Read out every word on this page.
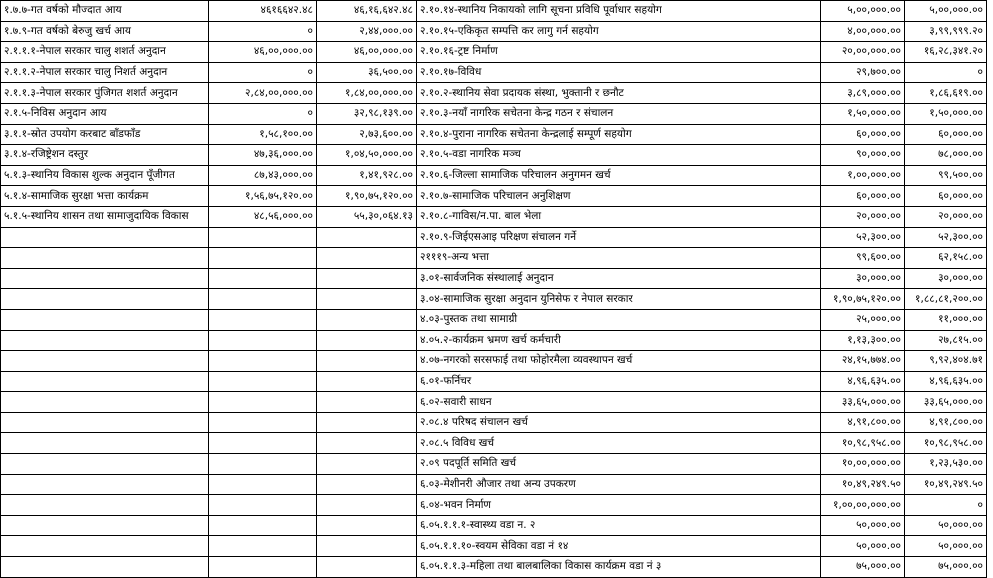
१.७.७-गत वर्षको मौज्दात आय	४६१६६४२.४८	४६,१६,६४२.४८	२.१०.१४-स्थानिय निकायको लागि सूचना प्रविधि पूर्वाधार सहयोग	५,००,०००.००	५,००,०००.००
१.७.९-गत वर्षको बेरुजु खर्च आय	०	२,४४,०००.००	२.१०.१५-एकिकृत सम्पत्ति कर लागु गर्न सहयोग	४,००,०००.००	३,९९,९९९.२०
२.१.१.१-नेपाल सरकार चालु शशर्त अनुदान	४६,००,०००.००	४६,००,०००.००	२.१०.१६-ट्रष्ट निर्माण	२०,००,०००.००	१६,२८,३४१.२०
२.१.१.२-नेपाल सरकार चालु निशर्त अनुदान	०	३६,५००.००	२.१०.१७-विविध	२९,७००.००	०
२.१.१.३-नेपाल सरकार पुंजिगत शशर्त अनुदान	२,८४,००,०००.००	१,८४,००,०००.००	२.१०.२-स्थानिय सेवा प्रदायक संस्था, भुक्तानी र छनौट	३,८९,०००.००	१,८६,६१९.००
२.१.५-निविस अनुदान आय	०	३२,९८,१३९.००	२.१०.३-नयाँ नागरिक सचेतना केन्द्र गठन र संचालन	१,५०,०००.००	१,५०,०००.००
३.१.१-स्रोत उपयोग करबाट बाँडफाँड	१,५८,१००.००	२,७३,६००.००	२.१०.४-पुराना नागरिक सचेतना केन्द्रलाई सम्पूर्ण सहयोग	६०,०००.००	६०,०००.००
३.१.४-रजिष्ट्रेशन दस्तुर	४७,३६,०००.००	१,०४,५०,०००.००	२.१०.५-वडा नागरिक मञ्च	९०,०००.००	७८,०००.००
५.१.३-स्थानिय विकास शुल्क अनुदान पूँजीगत	८७,४३,०००.००	१,४१,९२८.००	२.१०.६-जिल्ला सामाजिक परिचालन अनुगमन खर्च	१,००,०००.००	९९,५००.००
५.१.४-सामाजिक सुरक्षा भत्ता कार्यक्रम	१,५६,७५,१२०.००	१,९०,७५,१२०.००	२.१०.७-सामाजिक परिचालन अनुशिक्षण	६०,०००.००	६०,०००.००
५.१.५-स्थानिय शासन तथा सामाजुदायिक विकास	४८,५६,०००.००	५५,३०,०६४.१३	२.१०.८-गाविस/न.पा. बाल भेला	२०,०००.००	२०,०००.००
			२.१०.९-जिईएसआइ परिक्षण संचालन गर्ने	५२,३००.००	५२,३००.००
			२१११९-अन्य भत्ता	९९,६००.००	६२,१५८.००
			३.०१-सार्वजनिक संस्थालाई अनुदान	३०,०००.००	३०,०००.००
			३.०४-सामाजिक सुरक्षा अनुदान युनिसेफ र नेपाल सरकार	१,९०,७५,१२०.००	१,८८,८१,२००.००
			४.०३-पुस्तक तथा सामाग्री	२५,०००.००	११,०००.००
			४.०५.२-कार्यक्रम भ्रमण खर्च कर्मचारी	१,१३,३००.००	२७,८१५.००
			४.०७-नगरको सरसफाई तथा फोहोरमैला व्यवस्थापन खर्च	२४,१५,७७४.००	९,९२,४०४.७१
			६.०१-फर्निचर	४,९६,६३५.००	४,९६,६३५.००
			६.०२-सवारी साधन	३३,६५,०००.००	३३,६५,०००.००
			२.०८.४ परिषद संचालन खर्च	४,९१,८००.००	४,९१,८००.००
			२.०८.५ विविध खर्च	१०,९८,९५८.००	१०,९८,९५८.००
			२.०९ पदपूर्ति समिति खर्च	१०,००,०००.००	१,२३,५३०.००
			६.०३-मेशीनरी औजार तथा अन्य उपकरण	१०,४९,२४९.५०	१०,४९,२४९.५०
			६.०४-भवन निर्माण	१,००,००,०००.००	०
			६.०५.१.१.१-स्वास्थ्य वडा न. २	५०,०००.००	५०,०००.००
			६.०५.१.१.१०-स्वयम सेविका वडा नं १४	५०,०००.००	५०,०००.००
			६.०५.१.१.३-महिला तथा बालबालिका विकास कार्यक्रम वडा नं ३	७५,०००.००	७५,०००.००
